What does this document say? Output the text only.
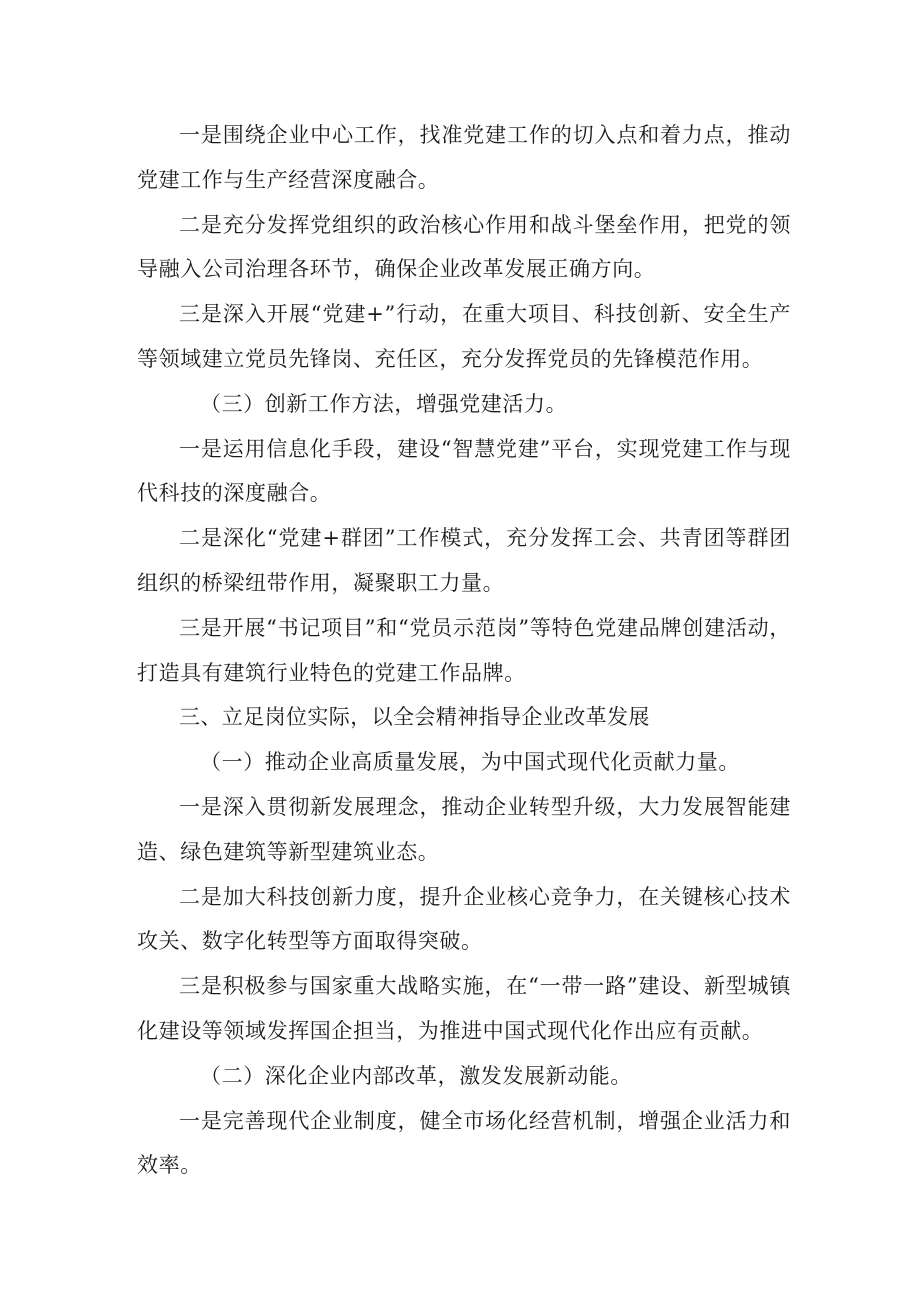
一是围绕企业中心工作，找准党建工作的切入点和着力点，推动党建工作与生产经营深度融合。

二是充分发挥党组织的政治核心作用和战斗堡垒作用，把党的领导融入公司治理各环节，确保企业改革发展正确方向。

三是深入开展“党建+”行动，在重大项目、科技创新、安全生产等领域建立党员先锋岗、充任区，充分发挥党员的先锋模范作用。

（三）创新工作方法，增强党建活力。

一是运用信息化手段，建设“智慧党建”平台，实现党建工作与现代科技的深度融合。

二是深化“党建+群团”工作模式，充分发挥工会、共青团等群团组织的桥梁纽带作用，凝聚职工力量。

三是开展“书记项目”和“党员示范岗”等特色党建品牌创建活动，打造具有建筑行业特色的党建工作品牌。

三、立足岗位实际，以全会精神指导企业改革发展

（一）推动企业高质量发展，为中国式现代化贡献力量。

一是深入贯彻新发展理念，推动企业转型升级，大力发展智能建造、绿色建筑等新型建筑业态。

二是加大科技创新力度，提升企业核心竞争力，在关键核心技术攻关、数字化转型等方面取得突破。

三是积极参与国家重大战略实施，在“一带一路”建设、新型城镇化建设等领域发挥国企担当，为推进中国式现代化作出应有贡献。

（二）深化企业内部改革，激发发展新动能。

一是完善现代企业制度，健全市场化经营机制，增强企业活力和效率。
